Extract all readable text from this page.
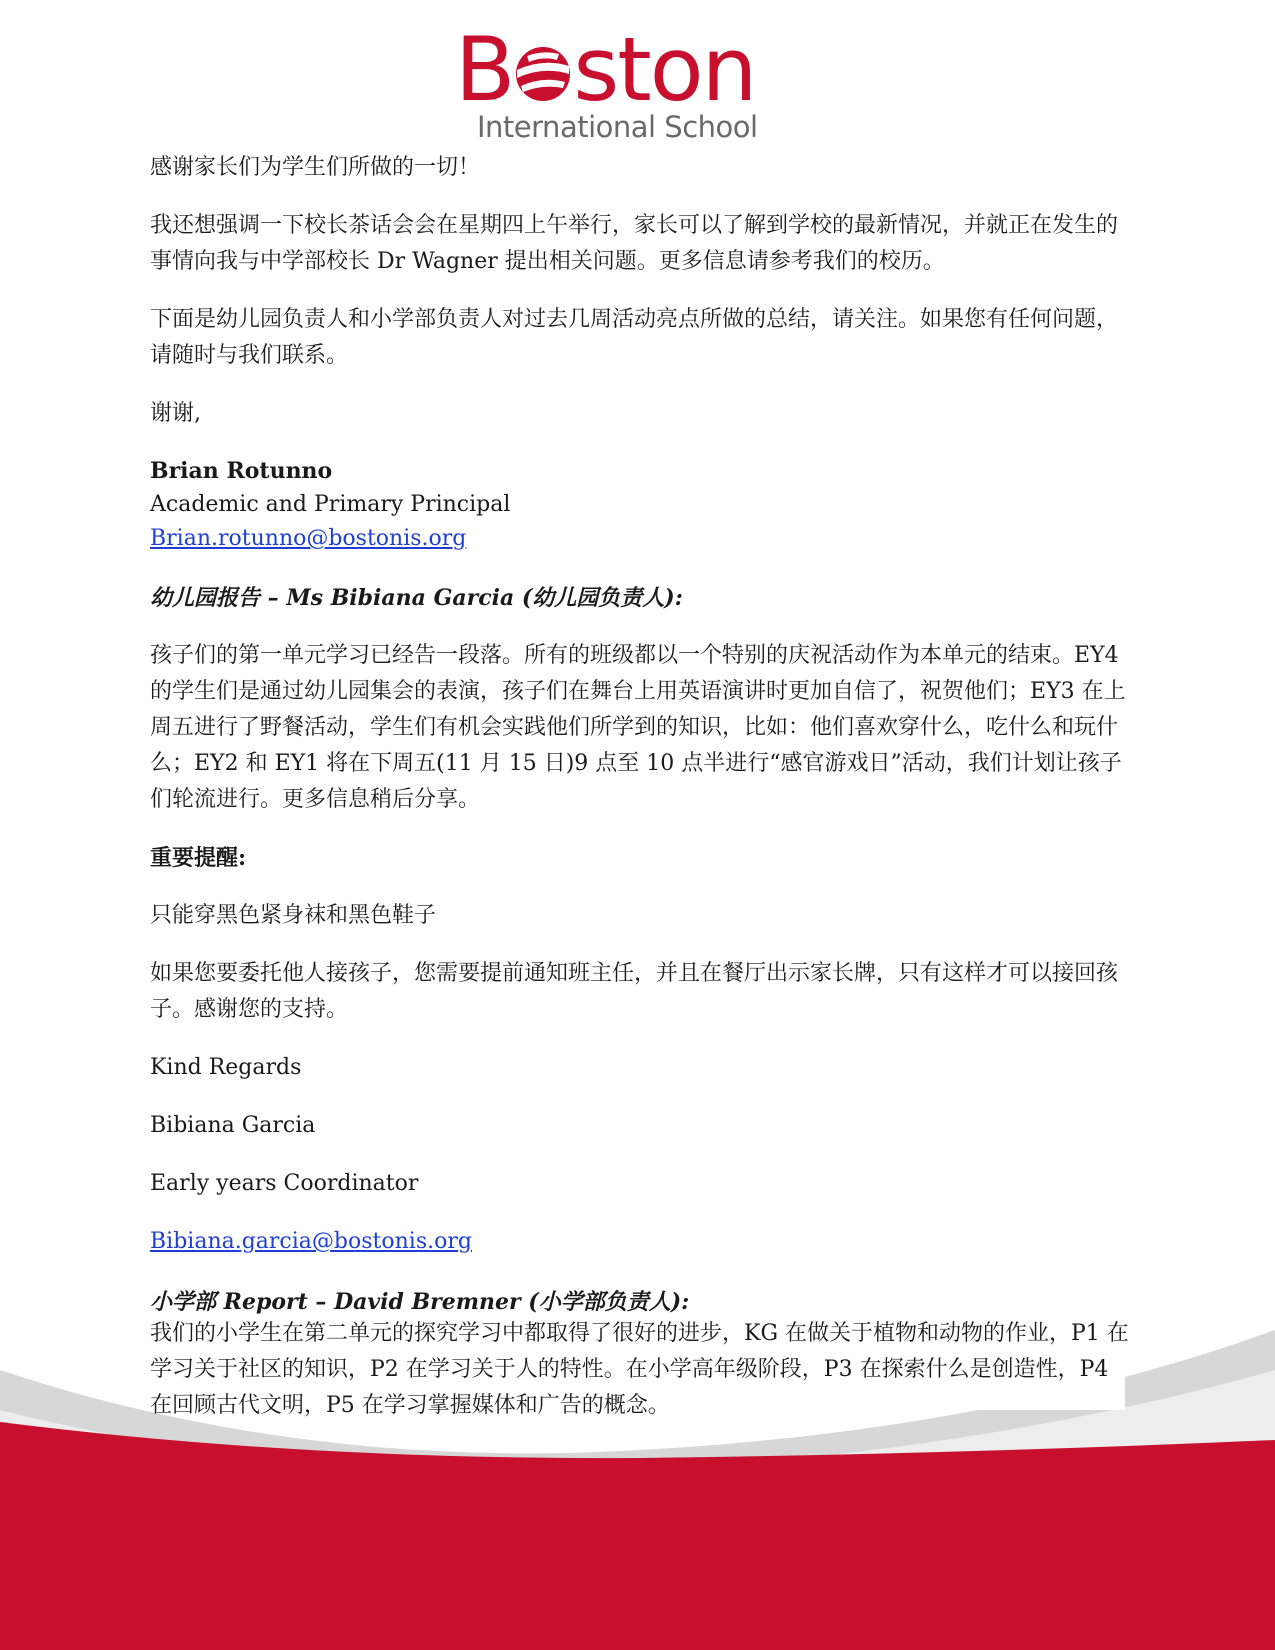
B ston
International School

感谢家长们为学生们所做的一切！

我还想强调一下校长茶话会会在星期四上午举行，家长可以了解到学校的最新情况，并就正在发生的事情向我与中学部校长 Dr Wagner 提出相关问题。更多信息请参考我们的校历。

下面是幼儿园负责人和小学部负责人对过去几周活动亮点所做的总结，请关注。如果您有任何问题，请随时与我们联系。

谢谢,

Brian Rotunno
Academic and Primary Principal
Brian.rotunno@bostonis.org
幼儿园报告 – Ms Bibiana Garcia (幼儿园负责人):

孩子们的第一单元学习已经告一段落。所有的班级都以一个特别的庆祝活动作为本单元的结束。EY4 的学生们是通过幼儿园集会的表演，孩子们在舞台上用英语演讲时更加自信了，祝贺他们；EY3 在上周五进行了野餐活动，学生们有机会实践他们所学到的知识，比如：他们喜欢穿什么，吃什么和玩什么；EY2 和 EY1 将在下周五(11 月 15 日)9 点至 10 点半进行“感官游戏日”活动，我们计划让孩子们轮流进行。更多信息稍后分享。

重要提醒:

只能穿黑色紧身袜和黑色鞋子

如果您要委托他人接孩子，您需要提前通知班主任，并且在餐厅出示家长牌，只有这样才可以接回孩子。感谢您的支持。

Kind Regards

Bibiana Garcia

Early years Coordinator

Bibiana.garcia@bostonis.org

小学部 Report – David Bremner (小学部负责人):

我们的小学生在第二单元的探究学习中都取得了很好的进步，KG 在做关于植物和动物的作业，P1 在学习关于社区的知识，P2 在学习关于人的特性。在小学高年级阶段，P3 在探索什么是创造性，P4 在回顾古代文明，P5 在学习掌握媒体和广告的概念。
